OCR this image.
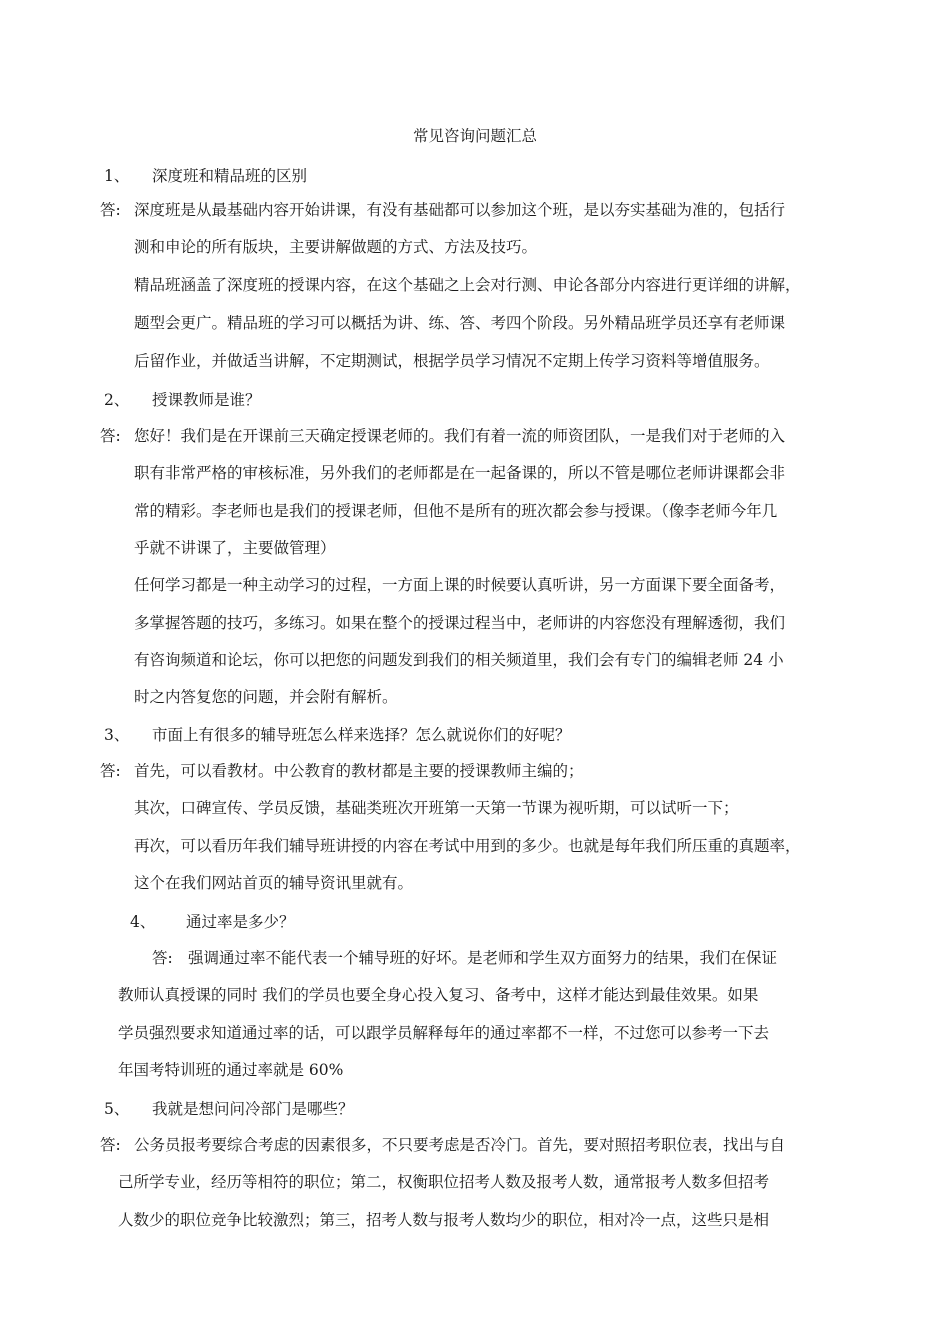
常见咨询问题汇总
1、 深度班和精品班的区别
答: 深度班是从最基础内容开始讲课，有没有基础都可以参加这个班，是以夯实基础为准的，包括行
测和申论的所有版块，主要讲解做题的方式、方法及技巧。
精品班涵盖了深度班的授课内容，在这个基础之上会对行测、申论各部分内容进行更详细的讲解，
题型会更广。精品班的学习可以概括为讲、练、答、考四个阶段。另外精品班学员还享有老师课
后留作业，并做适当讲解，不定期测试，根据学员学习情况不定期上传学习资料等增值服务。
2、 授课教师是谁？
答: 您好！我们是在开课前三天确定授课老师的。我们有着一流的师资团队，一是我们对于老师的入
职有非常严格的审核标准，另外我们的老师都是在一起备课的，所以不管是哪位老师讲课都会非
常的精彩。李老师也是我们的授课老师，但他不是所有的班次都会参与授课。（像李老师今年几
乎就不讲课了，主要做管理）
任何学习都是一种主动学习的过程，一方面上课的时候要认真听讲，另一方面课下要全面备考，
多掌握答题的技巧，多练习。如果在整个的授课过程当中，老师讲的内容您没有理解透彻，我们
有咨询频道和论坛，你可以把您的问题发到我们的相关频道里，我们会有专门的编辑老师 24 小
时之内答复您的问题，并会附有解析。
3、 市面上有很多的辅导班怎么样来选择？怎么就说你们的好呢？
答: 首先，可以看教材。中公教育的教材都是主要的授课教师主编的；
其次，口碑宣传、学员反馈，基础类班次开班第一天第一节课为视听期，可以试听一下；
再次，可以看历年我们辅导班讲授的内容在考试中用到的多少。也就是每年我们所压重的真题率，
这个在我们网站首页的辅导资讯里就有。
4、 通过率是多少？
答: 强调通过率不能代表一个辅导班的好坏。是老师和学生双方面努力的结果，我们在保证
教师认真授课的同时 我们的学员也要全身心投入复习、备考中，这样才能达到最佳效果。如果
学员强烈要求知道通过率的话，可以跟学员解释每年的通过率都不一样，不过您可以参考一下去
年国考特训班的通过率就是 60%
5、 我就是想问问冷部门是哪些？
答: 公务员报考要综合考虑的因素很多，不只要考虑是否冷门。首先，要对照招考职位表，找出与自
己所学专业，经历等相符的职位；第二，权衡职位招考人数及报考人数，通常报考人数多但招考
人数少的职位竞争比较激烈；第三，招考人数与报考人数均少的职位，相对冷一点，这些只是相
